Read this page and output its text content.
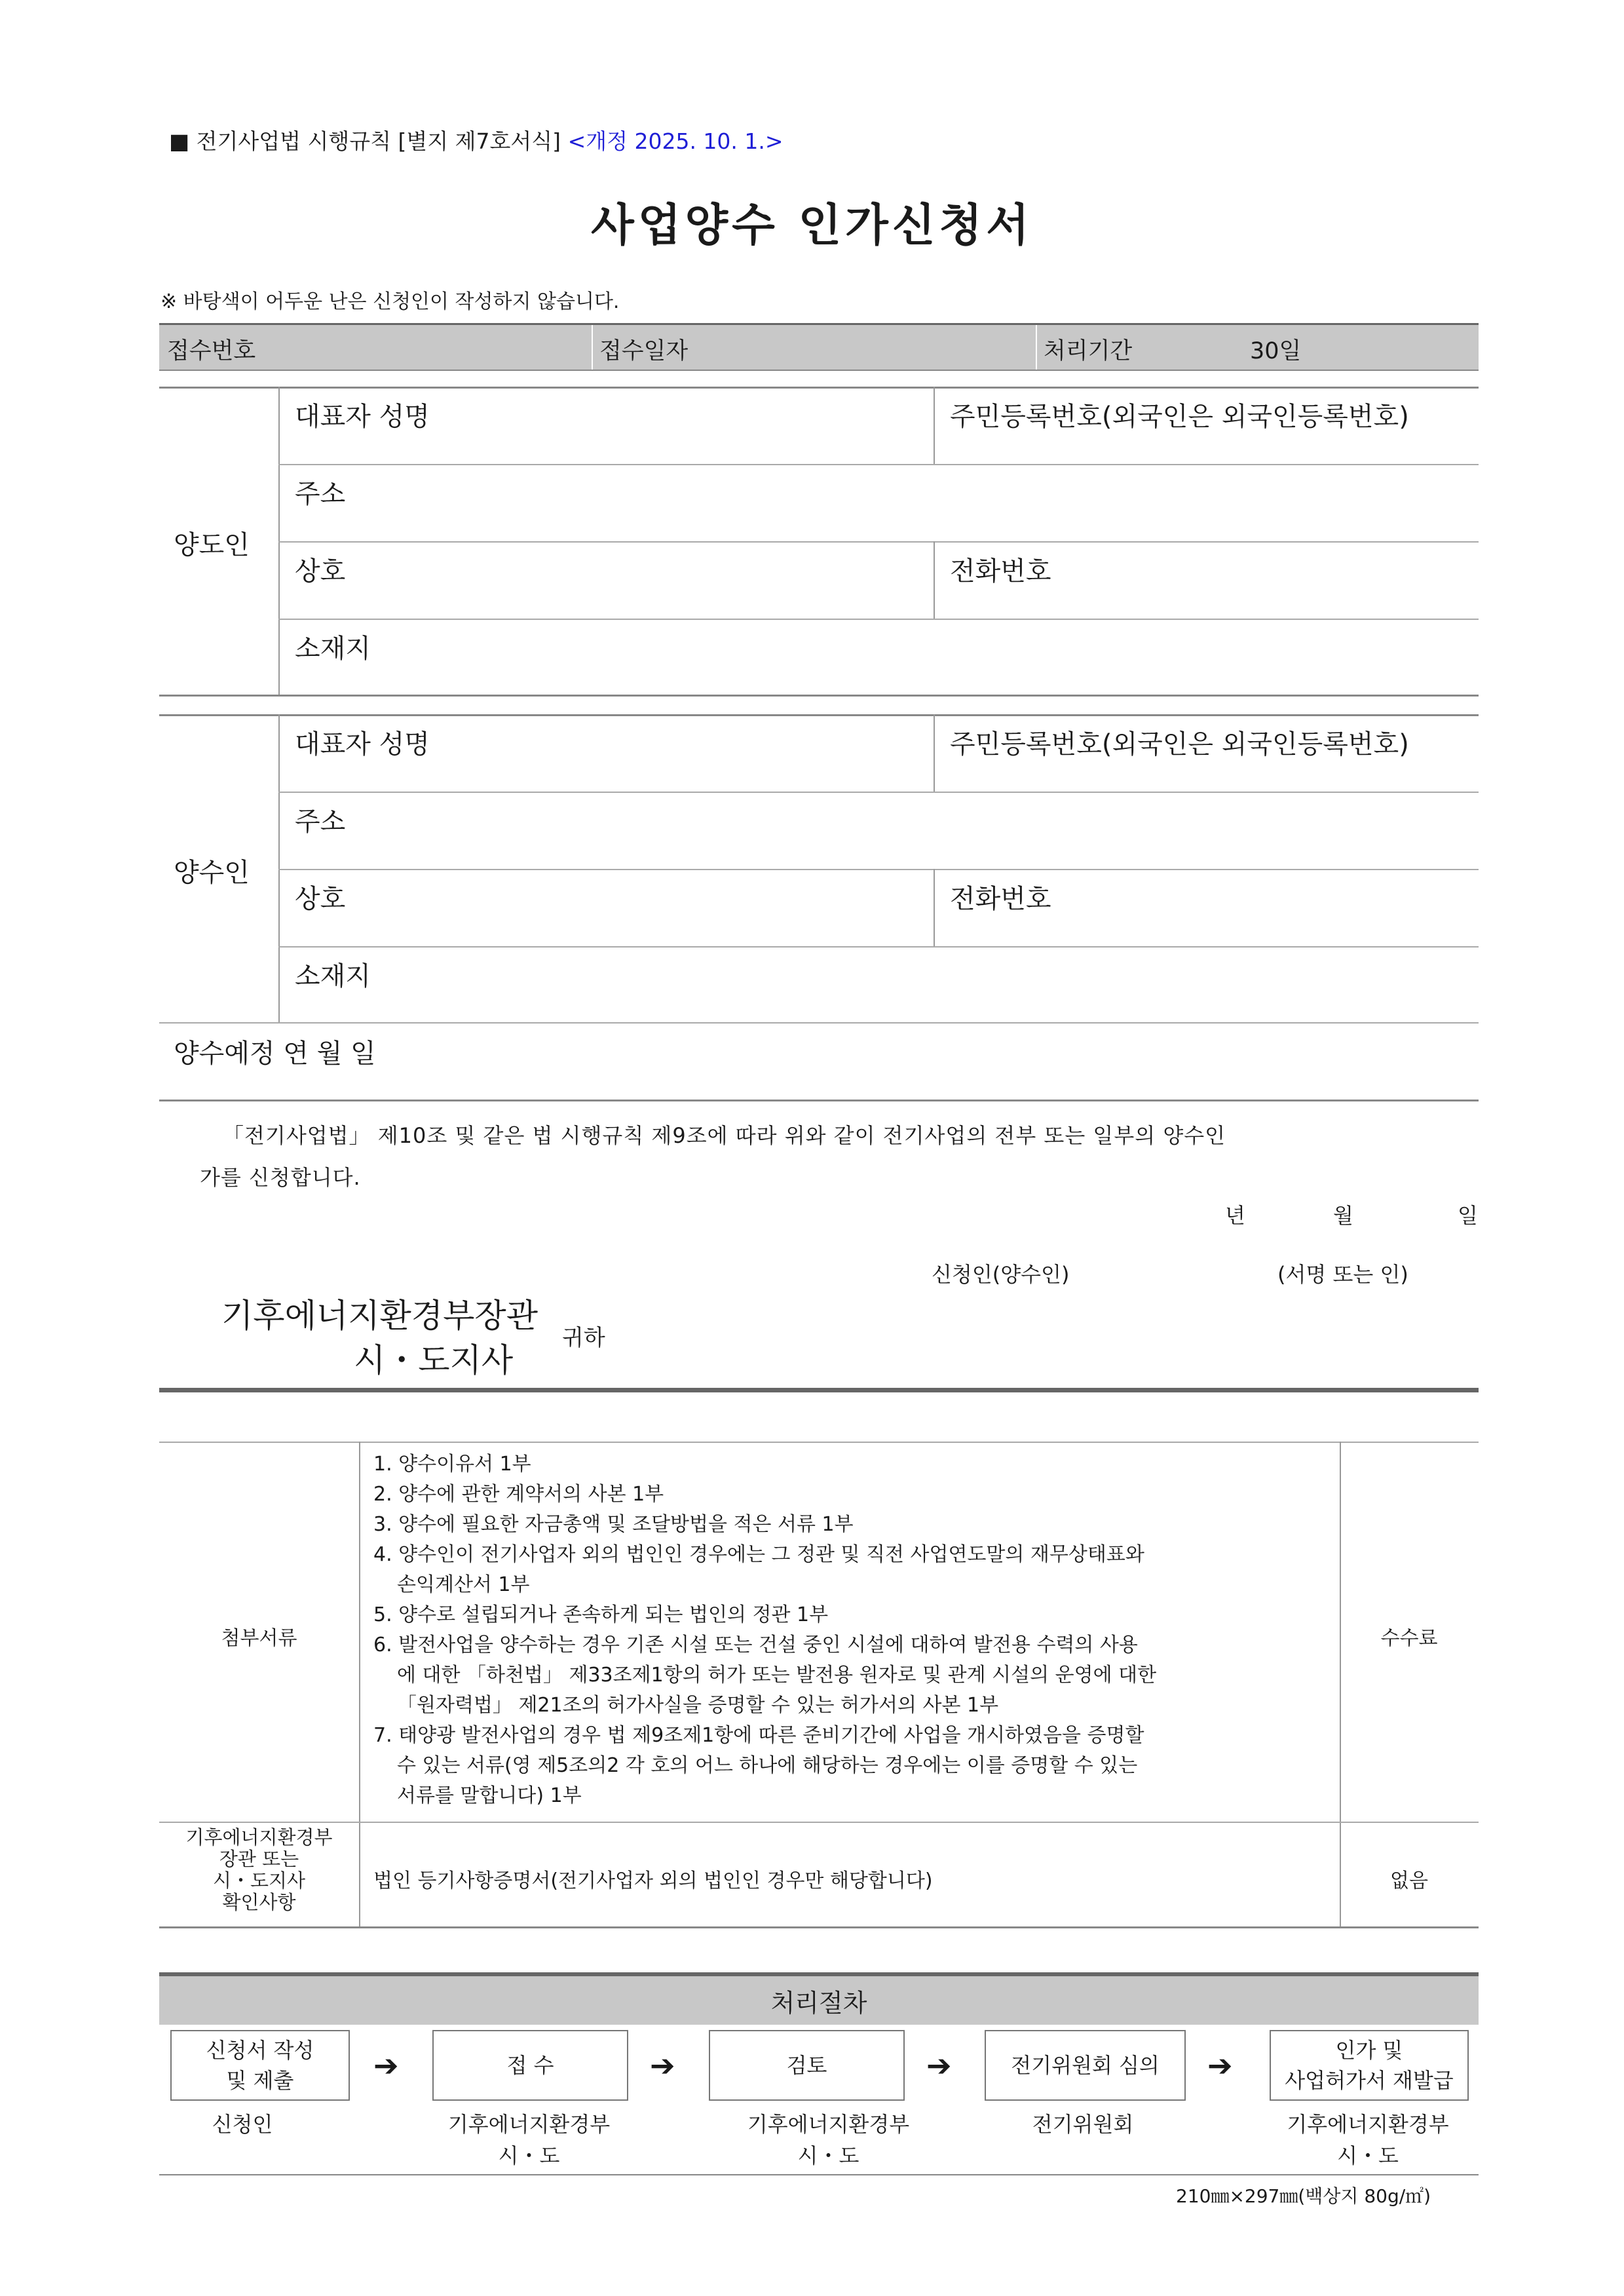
■ 전기사업법 시행규칙 [별지 제7호서식] <개정 2025. 10. 1.>
사업양수 인가신청서
※ 바탕색이 어두운 난은 신청인이 작성하지 않습니다.
접수번호	접수일자	처리기간	30일
양도인
대표자 성명	주민등록번호(외국인은 외국인등록번호)
주소
상호	전화번호
소재지
양수인
대표자 성명	주민등록번호(외국인은 외국인등록번호)
주소
상호	전화번호
소재지
양수예정 연 월 일
「전기사업법」 제10조 및 같은 법 시행규칙 제9조에 따라 위와 같이 전기사업의 전부 또는 일부의 양수인
가를 신청합니다.
년	월	일
신청인(양수인)	(서명 또는 인)
기후에너지환경부장관
시・도지사
귀하
첨부서류
1. 양수이유서 1부
2. 양수에 관한 계약서의 사본 1부
3. 양수에 필요한 자금총액 및 조달방법을 적은 서류 1부
4. 양수인이 전기사업자 외의 법인인 경우에는 그 정관 및 직전 사업연도말의 재무상태표와
손익계산서 1부
5. 양수로 설립되거나 존속하게 되는 법인의 정관 1부
6. 발전사업을 양수하는 경우 기존 시설 또는 건설 중인 시설에 대하여 발전용 수력의 사용
에 대한 「하천법」 제33조제1항의 허가 또는 발전용 원자로 및 관계 시설의 운영에 대한
「원자력법」 제21조의 허가사실을 증명할 수 있는 허가서의 사본 1부
7. 태양광 발전사업의 경우 법 제9조제1항에 따른 준비기간에 사업을 개시하였음을 증명할
수 있는 서류(영 제5조의2 각 호의 어느 하나에 해당하는 경우에는 이를 증명할 수 있는
서류를 말합니다) 1부
수수료
기후에너지환경부
장관 또는
시・도지사
확인사항
법인 등기사항증명서(전기사업자 외의 법인인 경우만 해당합니다)	없음
처리절차
신청서 작성
및 제출	➔	접 수	➔	검토	➔	전기위원회 심의 ➔	인가 및
사업허가서 재발급
신청인	기후에너지환경부
시・도
기후에너지환경부
시・도
전기위원회	기후에너지환경부
시・도
210㎜×297㎜(백상지 80g/㎡)
